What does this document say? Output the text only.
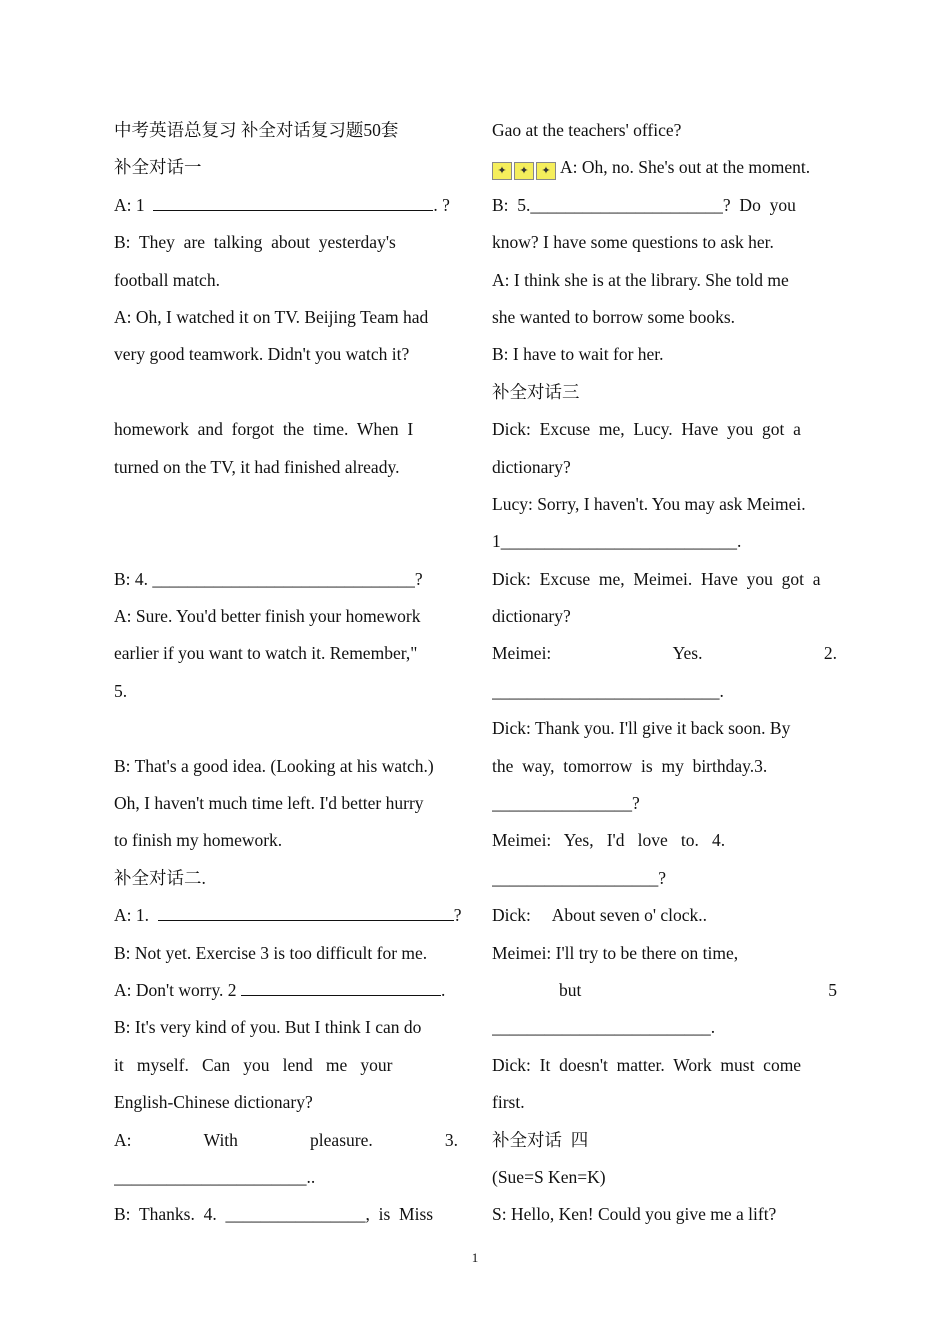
中考英语总复习 补全对话复习题50套
补全对话一
A: 1	. ?
B:  They  are  talking  about  yesterday's
football match.
A: Oh, I watched it on TV. Beijing Team had
very good teamwork. Didn't you watch it?

homework  and  forgot  the  time.  When  I
turned on the TV, it had finished already.

B: 4. ______________________________?
A: Sure. You'd better finish your homework
earlier if you want to watch it. Remember,"
5.
B: That's a good idea. (Looking at his watch.)
Oh, I haven't much time left. I'd better hurry
to finish my homework.
补全对话二.
A: 1.	?
B: Not yet. Exercise 3 is too difficult for me.
A: Don't worry. 2	.
B: It's very kind of you. But I think I can do
it   myself.   Can   you   lend   me   your
English-Chinese dictionary?
A:	With	pleasure.	3.
______________________..
B:  Thanks.  4.  ________________,  is  Miss
Gao at the teachers' office?
✦ ✦ ✦ A: Oh, no. She's out at the moment.
B:  5.______________________?  Do  you
know? I have some questions to ask her.
A: I think she is at the library. She told me
she wanted to borrow some books.
B: I have to wait for her.
补全对话三
Dick:  Excuse  me,  Lucy.  Have  you  got  a
dictionary?
Lucy: Sorry, I haven't. You may ask Meimei.
1___________________________.
Dick:  Excuse  me,  Meimei.  Have  you  got  a
dictionary?
Meimei:	Yes.	2.
__________________________.
Dick: Thank you. I'll give it back soon. By
the  way,  tomorrow  is  my  birthday.3.
________________?
Meimei:   Yes,   I'd   love   to.   4.
___________________?
Dick:     About seven o' clock..
Meimei: I'll try to be there on time,
but	5
_________________________.
Dick:  It  doesn't  matter.  Work  must  come
first.
补全对话  四
(Sue=S Ken=K)
S: Hello, Ken! Could you give me a lift?
1
